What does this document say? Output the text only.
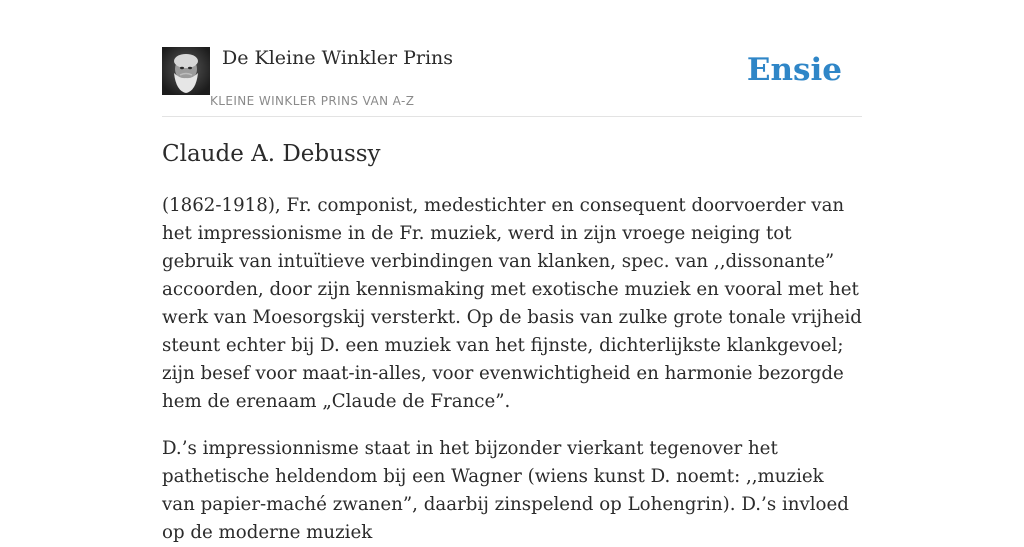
De Kleine Winkler Prins
KLEINE WINKLER PRINS VAN A-Z
Ensie
Claude A. Debussy

(1862-1918), Fr. componist, medestichter en consequent doorvoerder van het impressionisme in de Fr. muziek, werd in zijn vroege neiging tot gebruik van intuïtieve verbindingen van klanken, spec. van ,,dissonante” accoorden, door zijn kennismaking met exotische muziek en vooral met het werk van Moesorgskij versterkt. Op de basis van zulke grote tonale vrijheid steunt echter bij D. een muziek van het fijnste, dichterlijkste klankgevoel; zijn besef voor maat-in-alles, voor evenwichtigheid en harmonie bezorgde hem de erenaam „Claude de France”.

D.’s impressionnisme staat in het bijzonder vierkant tegenover het pathetische heldendom bij een Wagner (wiens kunst D. noemt: ,,muziek van papier-maché zwanen”, daarbij zinspelend op Lohengrin). D.’s invloed op de moderne muziek
